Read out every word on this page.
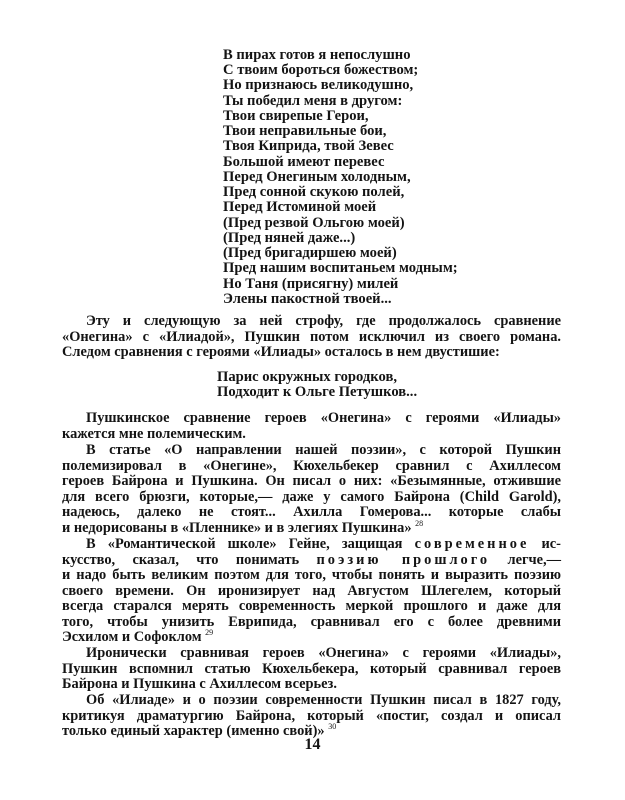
В пирах готов я непослушно
С твоим бороться божеством;
Но признаюсь великодушно,
Ты победил меня в другом:
Твои свирепые Герои,
Твои неправильные бои,
Твоя Киприда, твой Зевес
Большой имеют перевес
Перед Онегиным холодным,
Пред сонной скукою полей,
Перед Истоминой моей
(Пред резвой Ольгою моей)
(Пред няней даже...)
(Пред бригадиршею моей)
Пред нашим воспитаньем модным;
Но Таня (присягну) милей
Элены пакостной твоей...
Эту и следующую за ней строфу, где продолжалось сравнение
«Онегина» с «Илиадой», Пушкин потом исключил из своего романа.
Следом сравнения с героями «Илиады» осталось в нем двустишие:
Парис окружных городков,
Подходит к Ольге Петушков...
Пушкинское сравнение героев «Онегина» с героями «Илиады»
кажется мне полемическим.
В статье «О направлении нашей поэзии», с которой Пушкин
полемизировал в «Онегине», Кюхельбекер сравнил с Ахиллесом
героев Байрона и Пушкина. Он писал о них: «Безымянные, отжившие
для всего брюзги, которые,— даже у самого Байрона (Child Garold),
надеюсь, далеко не стоят... Ахилла Гомерова... которые слабы
и недорисованы в «Пленнике» и в элегиях Пушкина» $^{28}$
В «Романтической школе» Гейне, защищая современное ис-
кусство, сказал, что понимать поэзию прошлого легче,—
и надо быть великим поэтом для того, чтобы понять и выразить поэзию
своего времени. Он иронизирует над Августом Шлегелем, который
всегда старался мерять современность меркой прошлого и даже для
того, чтобы унизить Еврипида, сравнивал его с более древними
Эсхилом и Софоклом $^{29}$
Иронически сравнивая героев «Онегина» с героями «Илиады»,
Пушкин вспомнил статью Кюхельбекера, который сравнивал героев
Байрона и Пушкина с Ахиллесом всерьез.
Об «Илиаде» и о поэзии современности Пушкин писал в 1827 году,
критикуя драматургию Байрона, который «постиг, создал и описал
только единый характер (именно свой)» $^{30}$
14
